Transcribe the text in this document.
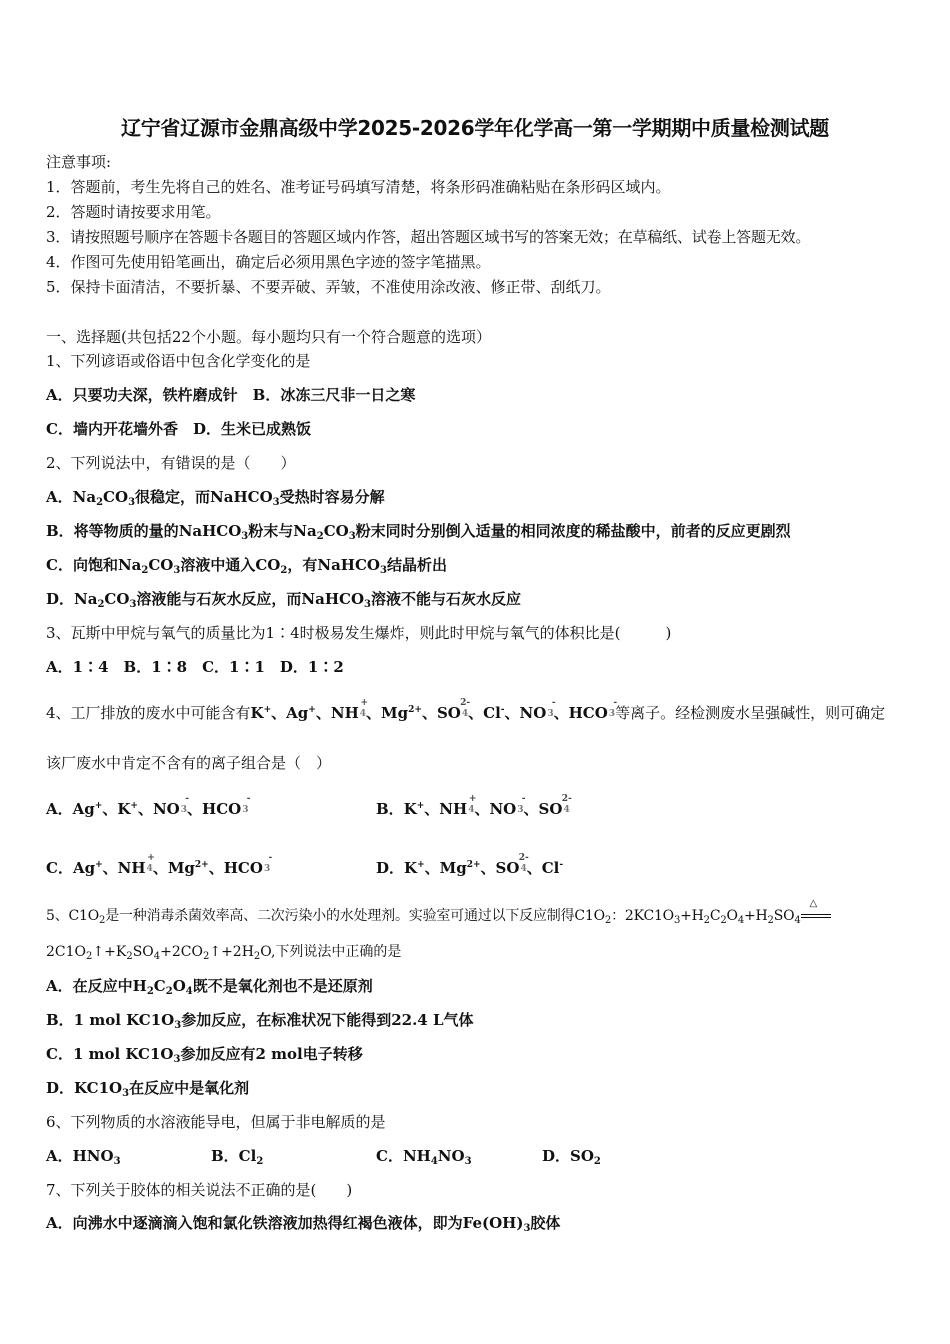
辽宁省辽源市金鼎高级中学2025-2026学年化学高一第一学期期中质量检测试题
注意事项:
1．答题前，考生先将自己的姓名、准考证号码填写清楚，将条形码准确粘贴在条形码区域内。
2．答题时请按要求用笔。
3．请按照题号顺序在答题卡各题目的答题区域内作答，超出答题区域书写的答案无效；在草稿纸、试卷上答题无效。
4．作图可先使用铅笔画出，确定后必须用黑色字迹的签字笔描黑。
5．保持卡面清洁，不要折暴、不要弄破、弄皱，不准使用涂改液、修正带、刮纸刀。
一、选择题(共包括22个小题。每小题均只有一个符合题意的选项）
1、下列谚语或俗语中包含化学变化的是
A．只要功夫深，铁杵磨成针　 B．冰冻三尺非一日之寒
C．墙内开花墙外香　 D．生米已成熟饭
2、下列说法中，有错误的是（　　）
A．$Na_2CO_3$很稳定，而NaHCO$_3$受热时容易分解
B．将等物质的量的NaHCO$_3$粉末与$Na_2CO_3$粉末同时分别倒入适量的相同浓度的稀盐酸中，前者的反应更剧烈
C．向饱和$Na_2CO_3$溶液中通入$CO_2$，有NaHCO$_3$结晶析出
D．$Na_2CO_3$溶液能与石灰水反应，而NaHCO$_3$溶液不能与石灰水反应
3、瓦斯中甲烷与氧气的质量比为1∶4时极易发生爆炸，则此时甲烷与氧气的体积比是(　　　)
A．1∶4　B．1∶8　C．1∶1　D．1∶2
4、工厂排放的废水中可能含有K+、Ag+、NH
+
4、$Mg^{2+}$、SO
2-
4、Cl-、NO
-
3、HCO
-
3等离子。经检测废水呈强碱性，则可确定
该厂废水中肯定不含有的离子组合是（　）
A．Ag+、K+、NO
-
3、HCO
-
3	B．K+、NH
+
4、NO
-
3、SO
2-
4
C．Ag+、NH
+
4、$Mg^{2+}$、HCO
-
3	D．K+、$Mg^{2+}$、SO
2-
4、Cl-
5、$C1O_2$是一种消毒杀菌效率高、二次污染小的水处理剂。实验室可通过以下反应制得$C1O_2$：$2KC1O_3+H_2C_2O_4+H_2SO_4$
△
$2C1O_2↑+K_2SO_4+2CO_2↑+2H_2O$,下列说法中正确的是
A．在反应中$H_2C_2O_4$既不是氧化剂也不是还原剂
B．1 mol $KC1O_3$参加反应，在标准状况下能得到22.4 L气体
C．1 mol $KC1O_3$参加反应有2 mol电子转移
D．$KC1O_3$在反应中是氧化剂
6、下列物质的水溶液能导电，但属于非电解质的是
A．$HNO_3$	B．$Cl_2$	C．$NH_4NO_3$	D．$SO_2$
7、下列关于胶体的相关说法不正确的是(　　)
A．向沸水中逐滴滴入饱和氯化铁溶液加热得红褐色液体，即为$Fe(OH)_3$胶体
